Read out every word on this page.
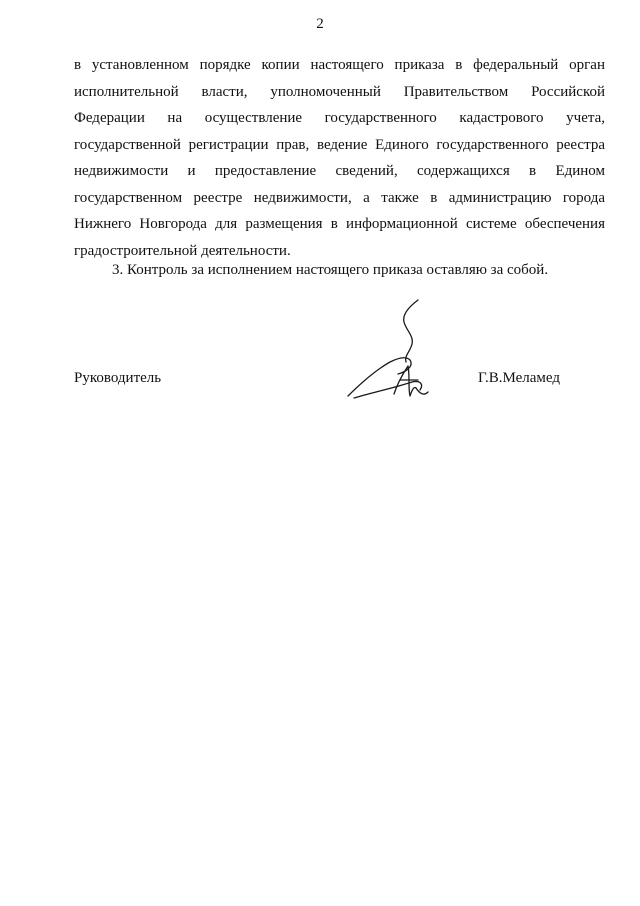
2
в установленном порядке копии настоящего приказа в федеральный орган
исполнительной власти, уполномоченный Правительством Российской
Федерации на осуществление государственного кадастрового учета,
государственной регистрации прав, ведение Единого государственного реестра
недвижимости и предоставление сведений, содержащихся в Едином
государственном реестре недвижимости, а также в администрацию города
Нижнего Новгорода для размещения в информационной системе обеспечения
градостроительной деятельности.
3. Контроль за исполнением настоящего приказа оставляю за собой.
Руководитель	Г.В.Меламед
